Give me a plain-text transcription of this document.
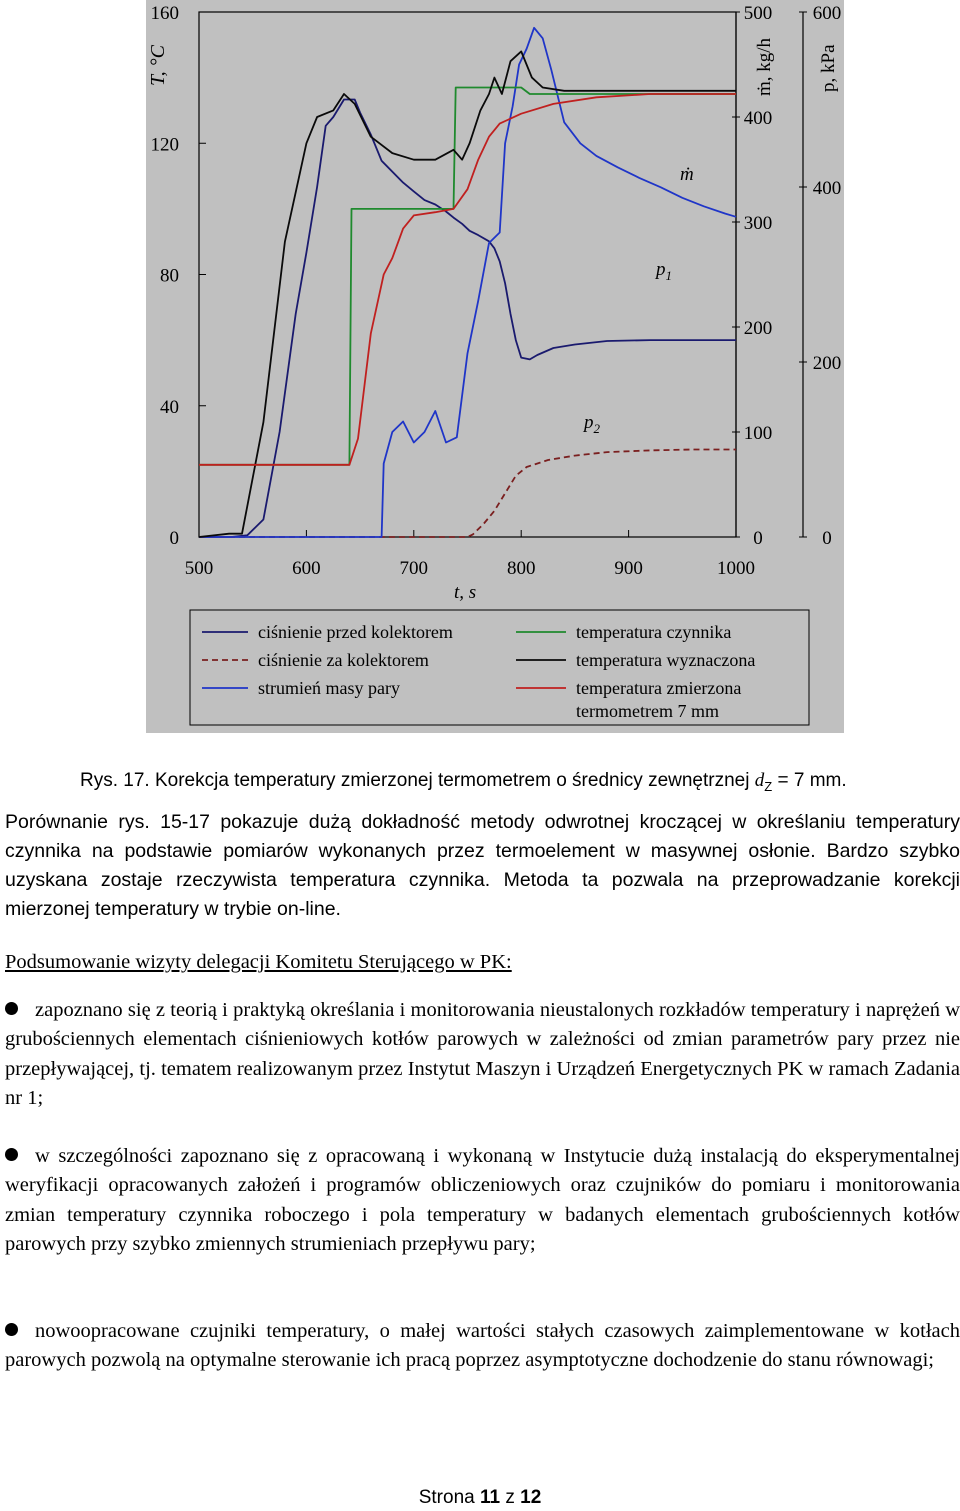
500	600	700	800	900	1000
0
40
80
120
160
0
100
200
300
400
500
0
200
400
600
T, °C	ṁ, kg/h p, kPa
t, s
ṁ
$p_1$
$p_2$
ciśnienie przed kolektorem
ciśnienie za kolektorem
strumień masy pary
temperatura czynnika
temperatura wyznaczona
temperatura zmierzona
termometrem 7 mm
Rys. 17. Korekcja temperatury zmierzonej termometrem o średnicy zewnętrznej $d_Z = 7$ mm.
Porównanie rys. 15-17 pokazuje dużą dokładność metody odwrotnej kroczącej w określaniu temperatury czynnika na podstawie pomiarów wykonanych przez termoelement w masywnej osłonie. Bardzo szybko uzyskana zostaje rzeczywista temperatura czynnika. Metoda ta pozwala na przeprowadzanie korekcji mierzonej temperatury w trybie on-line.
Podsumowanie wizyty delegacji Komitetu Sterującego w PK:
zapoznano się z teorią i praktyką określania i monitorowania nieustalonych rozkładów temperatury i naprężeń w grubościennych elementach ciśnieniowych kotłów parowych w zależności od zmian parametrów pary przez nie przepływającej, tj. tematem realizowanym przez Instytut Maszyn i Urządzeń Energetycznych PK w ramach Zadania nr 1;
w szczególności zapoznano się z opracowaną i wykonaną w Instytucie dużą instalacją do eksperymentalnej weryfikacji opracowanych założeń i programów obliczeniowych oraz czujników do pomiaru i monitorowania zmian temperatury czynnika roboczego i pola temperatury w badanych elementach grubościennych kotłów parowych przy szybko zmiennych strumieniach przepływu pary;
nowoopracowane czujniki temperatury, o małej wartości stałych czasowych zaimplementowane w kotłach parowych pozwolą na optymalne sterowanie ich pracą poprzez asymptotyczne dochodzenie do stanu równowagi;
Strona 11 z 12
